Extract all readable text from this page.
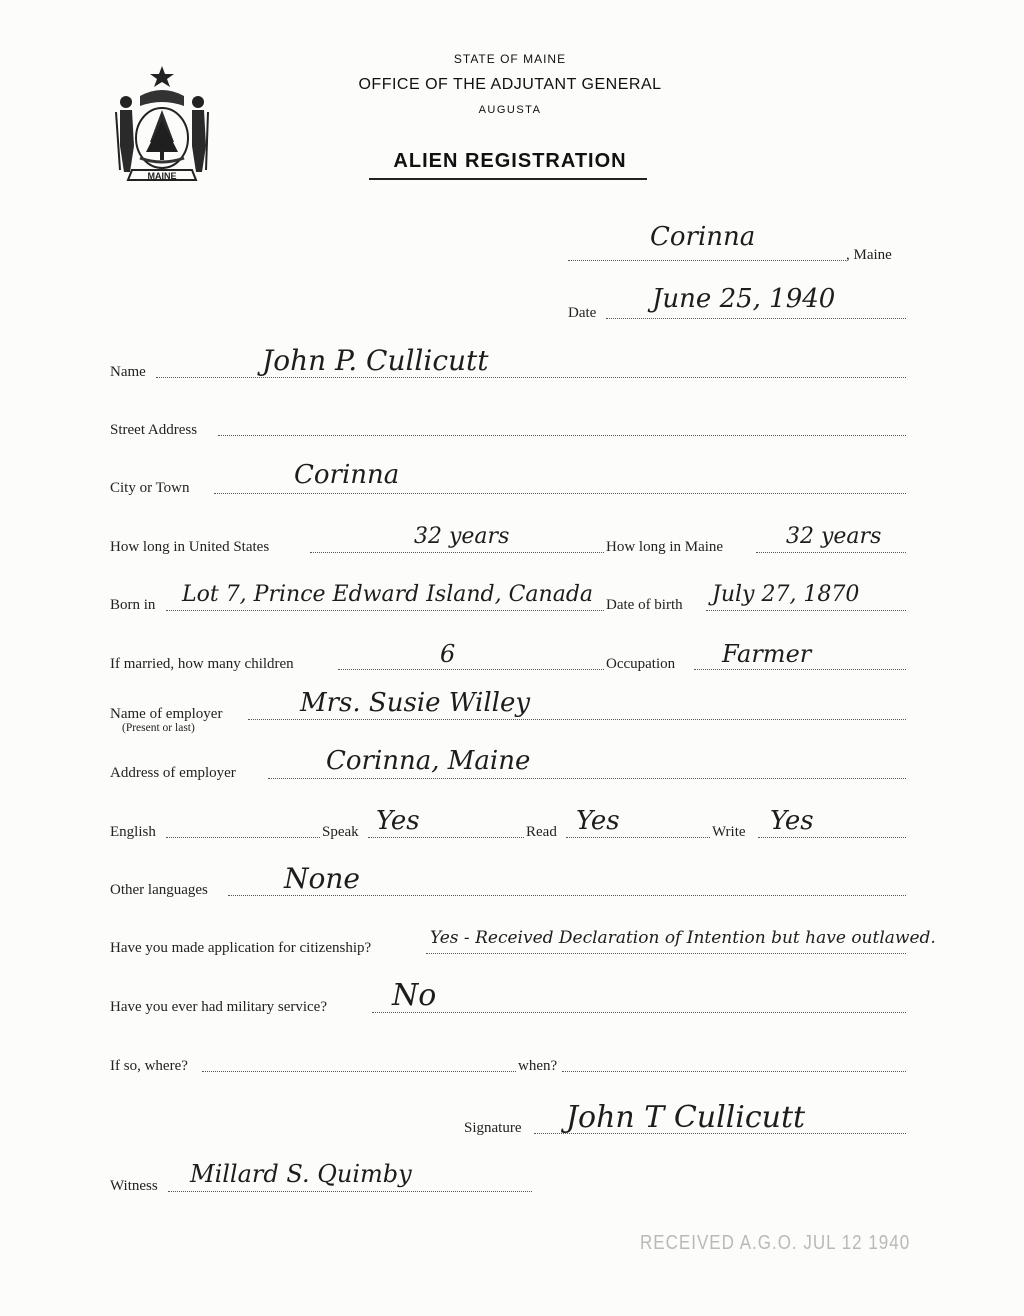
MAINE
STATE OF MAINE
OFFICE OF THE ADJUTANT GENERAL
AUGUSTA
ALIEN REGISTRATION
Corinna
, Maine
Date June 25, 1940
Name	John P. Cullicutt
Street Address
City or Town	Corinna
How long in United States	32 years	How long in Maine	32 years
Born in Lot 7, Prince Edward Island, Canada Date of birth July 27, 1870
If married, how many children	6	Occupation Farmer
Name of employer
(Present or last)
Mrs. Susie Willey
Address of employer	Corinna, Maine
English	Speak Yes	Read Yes	Write Yes
Other languages	None
Have you made application for citizenship?	Yes - Received Declaration of Intention but have outlawed.
Have you ever had military service? No
If so, where?	when?
Signature John T Cullicutt
Witness Millard S. Quimby
RECEIVED A.G.O. JUL 12 1940
